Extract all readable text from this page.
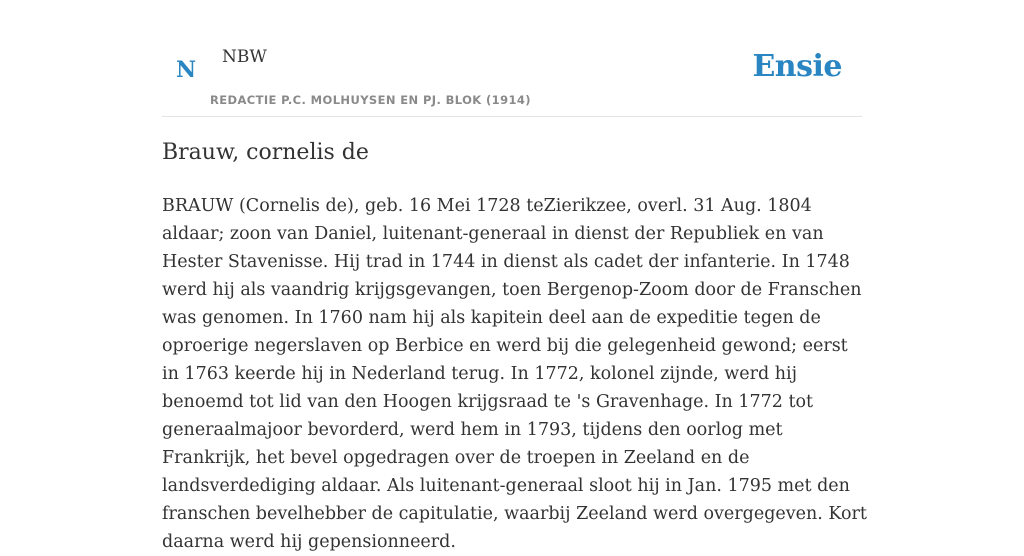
N NBW
REDACTIE P.C. MOLHUYSEN EN PJ. BLOK (1914)
Ensie
Brauw, cornelis de

BRAUW (Cornelis de), geb. 16 Mei 1728 teZierikzee, overl. 31 Aug. 1804 aldaar; zoon van Daniel, luitenant-generaal in dienst der Republiek en van Hester Stavenisse. Hij trad in 1744 in dienst als cadet der infanterie. In 1748 werd hij als vaandrig krijgsgevangen, toen Bergenop-Zoom door de Franschen was genomen. In 1760 nam hij als kapitein deel aan de expeditie tegen de oproerige negerslaven op Berbice en werd bij die gelegenheid gewond; eerst in 1763 keerde hij in Nederland terug. In 1772, kolonel zijnde, werd hij benoemd tot lid van den Hoogen krijgsraad te 's Gravenhage. In 1772 tot generaalmajoor bevorderd, werd hem in 1793, tijdens den oorlog met Frankrijk, het bevel opgedragen over de troepen in Zeeland en de landsverdediging aldaar. Als luitenant-generaal sloot hij in Jan. 1795 met den franschen bevelhebber de capitulatie, waarbij Zeeland werd overgegeven. Kort daarna werd hij gepensionneerd.
